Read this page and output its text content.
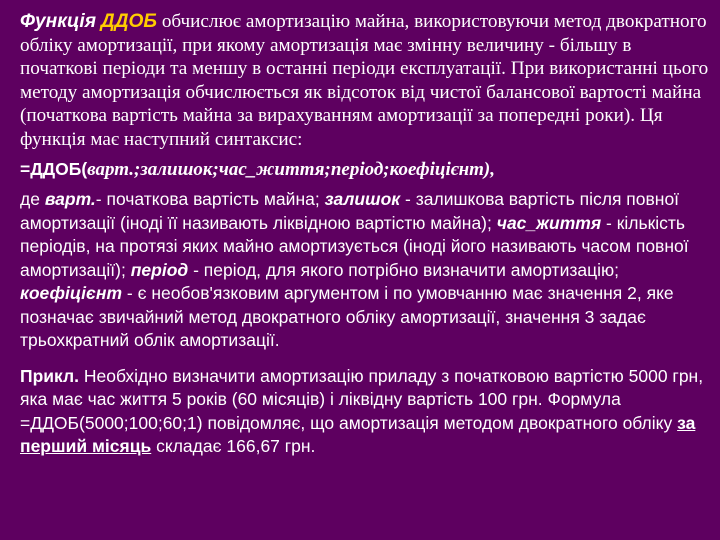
Функція ДДОБ обчислює амортизацію майна, використовуючи метод двократного обліку амортизації, при якому амортизація має змінну величину - більшу в початкові періоди та меншу в останні періоди експлуатації. При використанні цього методу амортизація обчислюється як відсоток від чистої балансової вартості майна (початкова вартість майна за вирахуванням амортизації за попередні роки). Ця функція має наступний синтаксис:

=ДДОБ(варт.;залишок;час_життя;період;коефіцієнт),

де варт.- початкова вартість майна; залишок - залишкова вартість після повної амортизації (іноді її називають ліквідною вартістю майна); час_життя - кількість періодів, на протязі яких майно амортизується (іноді його називають часом повної амортизації); період - період, для якого потрібно визначити амортизацію; коефіцієнт - є необов'язковим аргументом і по умовчанню має значення 2, яке позначає звичайний метод двократного обліку амортизації, значення 3 задає трьохкратний облік амортизації.

Прикл. Необхідно визначити амортизацію приладу з початковою вартістю 5000 грн, яка має час життя 5 років (60 місяців) і ліквідну вартість 100 грн. Формула =ДДОБ(5000;100;60;1) повідомляє, що амортизація методом двократного обліку за перший місяць складає 166,67 грн.
